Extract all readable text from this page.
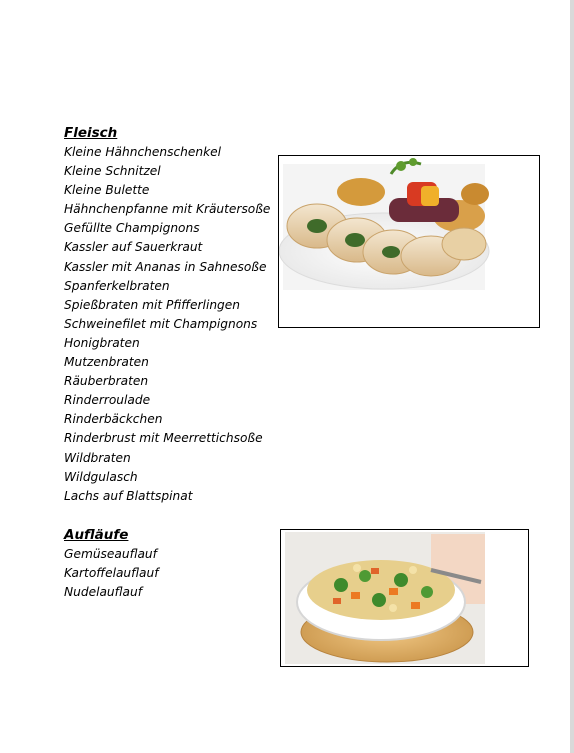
Fleisch
Kleine Hähnchenschenkel
Kleine Schnitzel
Kleine Bulette
Hähnchenpfanne mit Kräutersoße
Gefüllte Champignons
Kassler auf Sauerkraut
Kassler mit Ananas in Sahnesoße
Spanferkelbraten
Spießbraten mit Pfifferlingen
Schweinefilet mit Champignons
Honigbraten
Mutzenbraten
Räuberbraten
Rinderroulade
Rinderbäckchen
Rinderbrust mit Meerrettichsoße
Wildbraten
Wildgulasch
Lachs auf Blattspinat
Aufläufe
Gemüseauflauf
Kartoffelauflauf
Nudelauflauf
